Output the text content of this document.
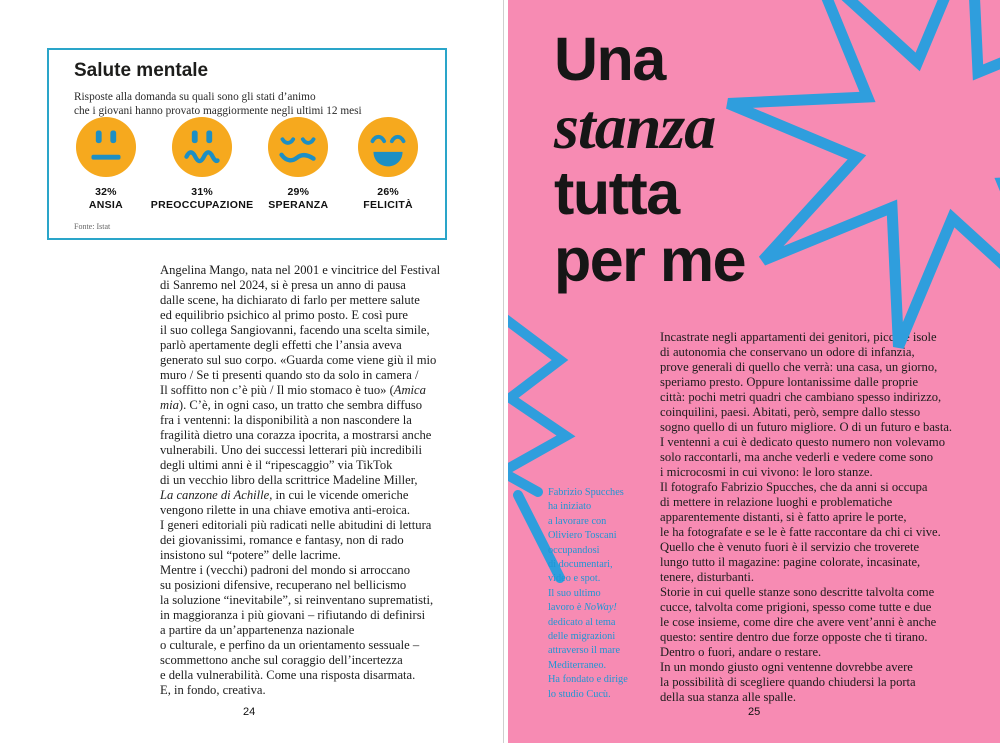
Salute mentale
Risposte alla domanda su quali sono gli stati d’animo
che i giovani hanno provato maggiormente negli ultimi 12 mesi
32%
ANSIA
31%
PREOCCUPAZIONE
29%
SPERANZA
26%
FELICITÀ
Fonte: Istat
Angelina Mango, nata nel 2001 e vincitrice del Festival
di Sanremo nel 2024, si è presa un anno di pausa
dalle scene, ha dichiarato di farlo per mettere salute
ed equilibrio psichico al primo posto. E così pure
il suo collega Sangiovanni, facendo una scelta simile,
parlò apertamente degli effetti che l’ansia aveva
generato sul suo corpo. «Guarda come viene giù il mio
muro / Se ti presenti quando sto da solo in camera /
Il soffitto non c’è più / Il mio stomaco è tuo» (Amica
mia). C’è, in ogni caso, un tratto che sembra diffuso
fra i ventenni: la disponibilità a non nascondere la
fragilità dietro una corazza ipocrita, a mostrarsi anche
vulnerabili. Uno dei successi letterari più incredibili
degli ultimi anni è il “ripescaggio” via TikTok
di un vecchio libro della scrittrice Madeline Miller,
La canzone di Achille, in cui le vicende omeriche
vengono rilette in una chiave emotiva anti-eroica.
I generi editoriali più radicati nelle abitudini di lettura
dei giovanissimi, romance e fantasy, non di rado
insistono sul “potere” delle lacrime.
Mentre i (vecchi) padroni del mondo si arroccano
su posizioni difensive, recuperano nel bellicismo
la soluzione “inevitabile”, si reinventano suprematisti,
in maggioranza i più giovani – rifiutando di definirsi
a partire da un’appartenenza nazionale
o culturale, e perfino da un orientamento sessuale –
scommettono anche sul coraggio dell’incertezza
e della vulnerabilità. Come una risposta disarmata.
E, in fondo, creativa.
24
Una
stanza
tutta
per me
Fabrizio Spucches
ha iniziato
a lavorare con
Oliviero Toscani
occupandosi
di documentari,
video e spot.
Il suo ultimo
lavoro è NoWay!
dedicato al tema
delle migrazioni
attraverso il mare
Mediterraneo.
Ha fondato e dirige
lo studio Cucù.
Incastrate negli appartamenti dei genitori, piccole isole
di autonomia che conservano un odore di infanzia,
prove generali di quello che verrà: una casa, un giorno,
speriamo presto. Oppure lontanissime dalle proprie
città: pochi metri quadri che cambiano spesso indirizzo,
coinquilini, paesi. Abitati, però, sempre dallo stesso
sogno quello di un futuro migliore. O di un futuro e basta.
I ventenni a cui è dedicato questo numero non volevamo
solo raccontarli, ma anche vederli e vedere come sono
i microcosmi in cui vivono: le loro stanze.
Il fotografo Fabrizio Spucches, che da anni si occupa
di mettere in relazione luoghi e problematiche
apparentemente distanti, si è fatto aprire le porte,
le ha fotografate e se le è fatte raccontare da chi ci vive.
Quello che è venuto fuori è il servizio che troverete
lungo tutto il magazine: pagine colorate, incasinate,
tenere, disturbanti.
Storie in cui quelle stanze sono descritte talvolta come
cucce, talvolta come prigioni, spesso come tutte e due
le cose insieme, come dire che avere vent’anni è anche
questo: sentire dentro due forze opposte che ti tirano.
Dentro o fuori, andare o restare.
In un mondo giusto ogni ventenne dovrebbe avere
la possibilità di scegliere quando chiudersi la porta
della sua stanza alle spalle.
25
